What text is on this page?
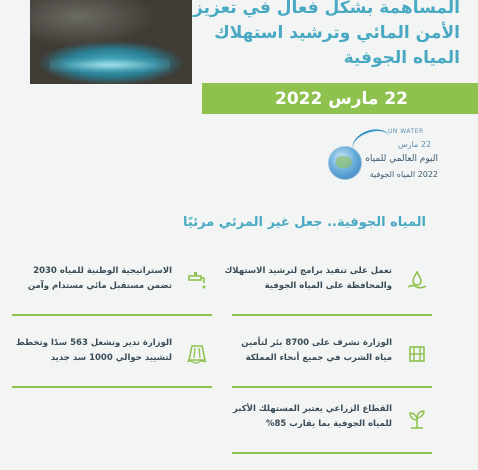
المساهمة بشكل فعال في تعزيز
الأمن المائي وترشيد استهلاك
المياه الجوفية
22 مارس 2022
UN WATER
22 مارس
اليوم العالمي للمياه
2022 المياه الجوفية
المياه الجوفية.. جعل غير المرئي مرئيًا
تعمل على تنفيذ برامج لترشيد الاستهلاك
والمحافظة على المياه الجوفية
الاستراتيجية الوطنية للمياه 2030
تضمن مستقبل مائي مستدام وآمن
الوزارة تشرف على 8700 بئر لتأمين
مياه الشرب في جميع أنحاء المملكة
الوزارة تدير وتشغل 563 سدًا وتخطط
لتشييد حوالي 1000 سد جديد
القطاع الزراعي يعتبر المستهلك الأكبر
للمياه الجوفية بما يقارب 85%
